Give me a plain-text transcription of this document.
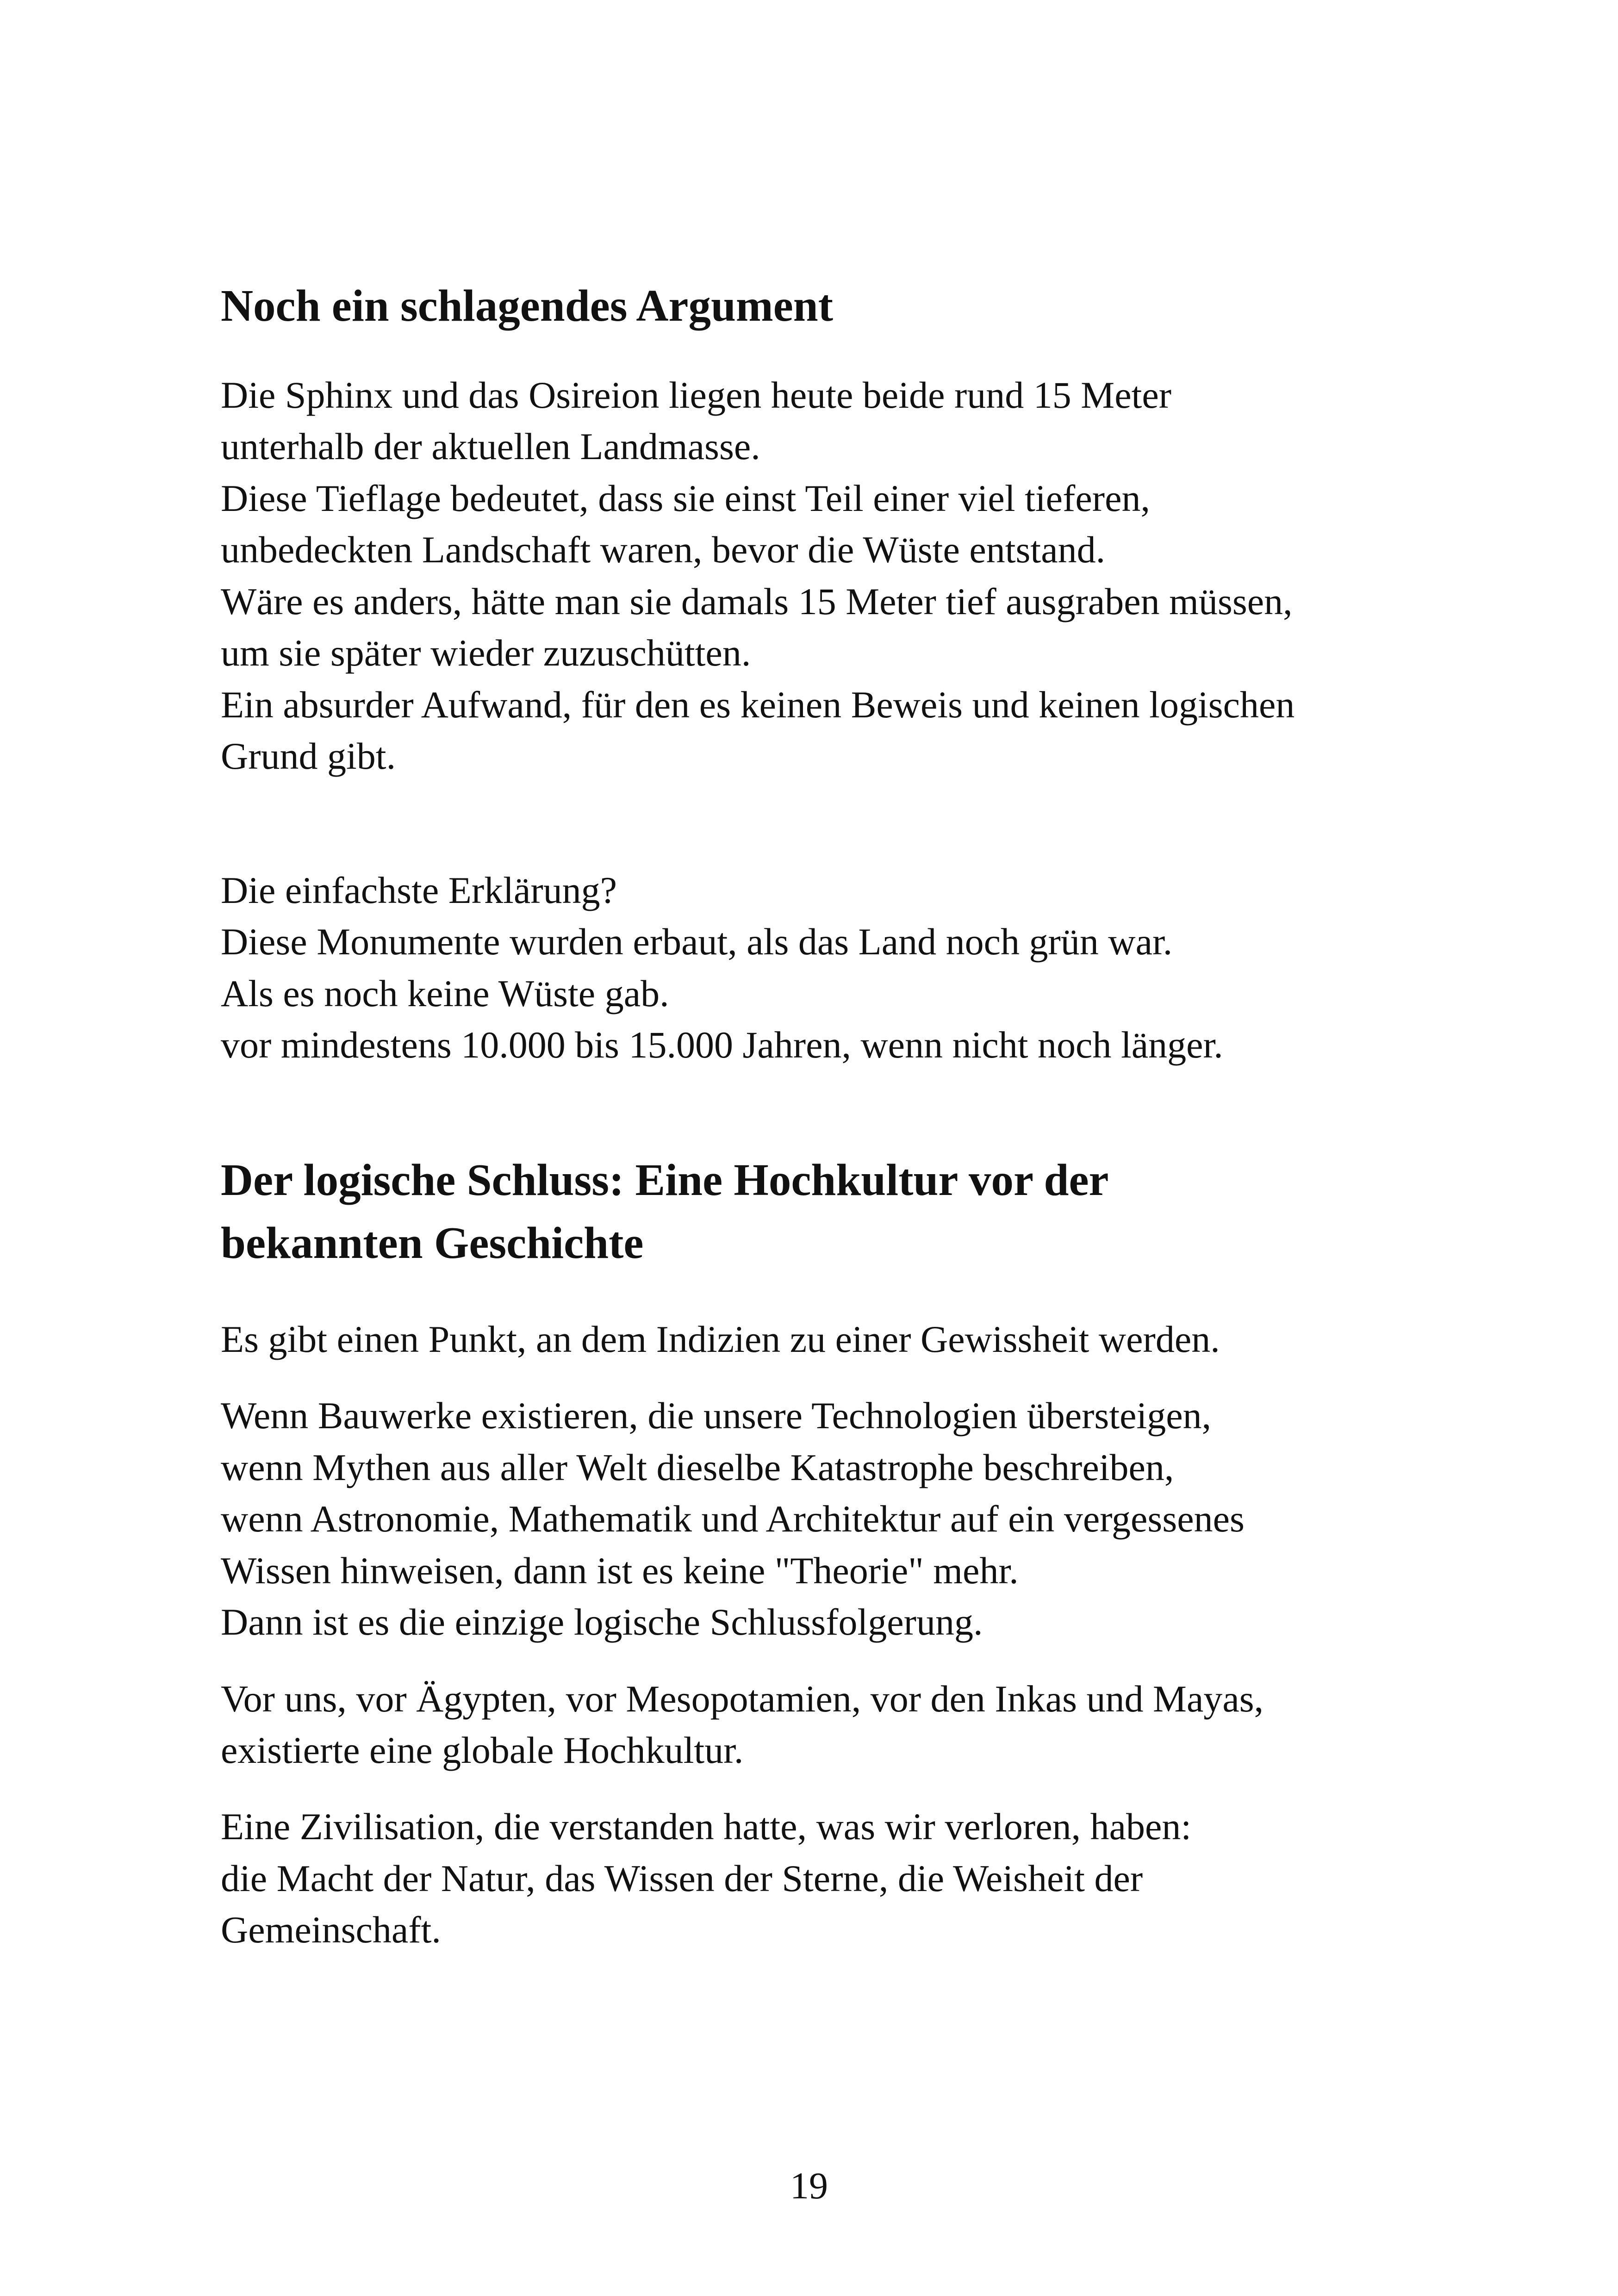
Noch ein schlagendes Argument

Die Sphinx und das Osireion liegen heute beide rund 15 Meter

unterhalb der aktuellen Landmasse.

Diese Tieflage bedeutet, dass sie einst Teil einer viel tieferen,

unbedeckten Landschaft waren, bevor die Wüste entstand.

Wäre es anders, hätte man sie damals 15 Meter tief ausgraben müssen,

um sie später wieder zuzuschütten.

Ein absurder Aufwand, für den es keinen Beweis und keinen logischen

Grund gibt.

Die einfachste Erklärung?

Diese Monumente wurden erbaut, als das Land noch grün war.

Als es noch keine Wüste gab.

vor mindestens 10.000 bis 15.000 Jahren, wenn nicht noch länger.

Der logische Schluss: Eine Hochkultur vor der
bekannten Geschichte

Es gibt einen Punkt, an dem Indizien zu einer Gewissheit werden.

Wenn Bauwerke existieren, die unsere Technologien übersteigen,

wenn Mythen aus aller Welt dieselbe Katastrophe beschreiben,

wenn Astronomie, Mathematik und Architektur auf ein vergessenes

Wissen hinweisen, dann ist es keine "Theorie" mehr.

Dann ist es die einzige logische Schlussfolgerung.

Vor uns, vor Ägypten, vor Mesopotamien, vor den Inkas und Mayas,

existierte eine globale Hochkultur.

Eine Zivilisation, die verstanden hatte, was wir verloren, haben:

die Macht der Natur, das Wissen der Sterne, die Weisheit der

Gemeinschaft.

19
